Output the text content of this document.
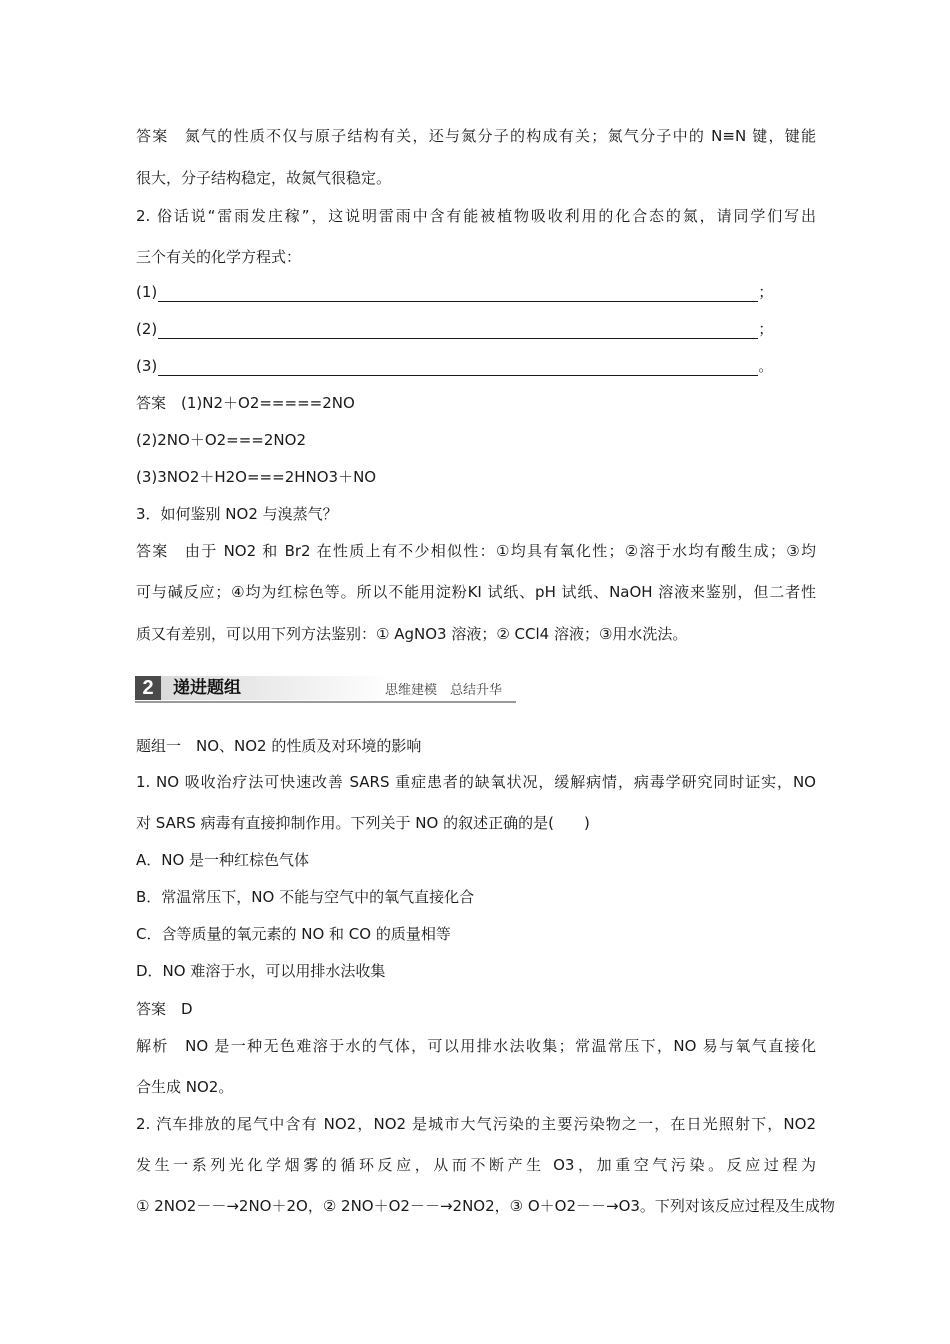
答案　氮气的性质不仅与原子结构有关，还与氮分子的构成有关；氮气分子中的 N≡N 键，键能
很大，分子结构稳定，故氮气很稳定。
2. 俗话说“雷雨发庄稼”，这说明雷雨中含有能被植物吸收利用的化合态的氮，请同学们写出
三个有关的化学方程式：
(1)	；
(2)	；
(3)	。
答案　(1)N2＋O2=====2NO
(2)2NO＋O2===2NO2
(3)3NO2＋H2O===2HNO3＋NO
3．如何鉴别 NO2 与溴蒸气？
答案　由于 NO2 和 Br2 在性质上有不少相似性：①均具有氧化性；②溶于水均有酸生成；③均
可与碱反应；④均为红棕色等。所以不能用淀粉KI 试纸、pH 试纸、NaOH 溶液来鉴别，但二者性
质又有差别，可以用下列方法鉴别：① AgNO3 溶液；② CCl4 溶液；③用水洗法。
2	递进题组	思维建模　总结升华
题组一　NO、NO2 的性质及对环境的影响
1. NO 吸收治疗法可快速改善 SARS 重症患者的缺氧状况，缓解病情，病毒学研究同时证实，NO
对 SARS 病毒有直接抑制作用。下列关于 NO 的叙述正确的是(　　)
A．NO 是一种红棕色气体
B．常温常压下，NO 不能与空气中的氧气直接化合
C．含等质量的氧元素的 NO 和 CO 的质量相等
D．NO 难溶于水，可以用排水法收集
答案　D
解析　NO 是一种无色难溶于水的气体，可以用排水法收集；常温常压下，NO 易与氧气直接化
合生成 NO2。
2. 汽车排放的尾气中含有 NO2，NO2 是城市大气污染的主要污染物之一，在日光照射下，NO2
发生一系列光化学烟雾的循环反应，从而不断产生 O3，加重空气污染。反应过程为
① 2NO2－－→2NO＋2O，② 2NO＋O2－－→2NO2，③ O＋O2－－→O3。下列对该反应过程及生成物
